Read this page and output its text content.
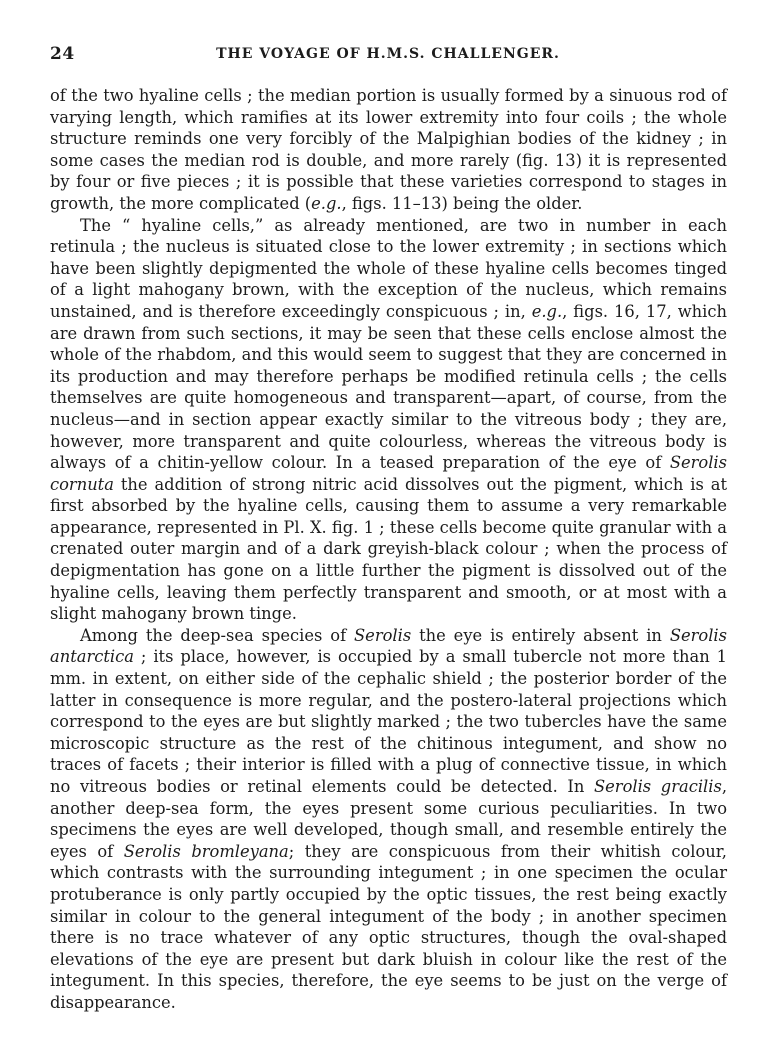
24	THE VOYAGE OF H.M.S. CHALLENGER.

of the two hyaline cells ; the median portion is usually formed by a sinuous rod of varying length, which ramifies at its lower extremity into four coils ; the whole structure reminds one very forcibly of the Malpighian bodies of the kidney ; in some cases the median rod is double, and more rarely (fig. 13) it is represented by four or five pieces ; it is possible that these varieties correspond to stages in growth, the more complicated (e.g., figs. 11–13) being the older.

The “ hyaline cells,” as already mentioned, are two in number in each retinula ; the nucleus is situated close to the lower extremity ; in sections which have been slightly depigmented the whole of these hyaline cells becomes tinged of a light mahogany brown, with the exception of the nucleus, which remains unstained, and is therefore exceedingly conspicuous ; in, e.g., figs. 16, 17, which are drawn from such sections, it may be seen that these cells enclose almost the whole of the rhabdom, and this would seem to suggest that they are concerned in its production and may therefore perhaps be modified retinula cells ; the cells themselves are quite homogeneous and transparent—apart, of course, from the nucleus—and in section appear exactly similar to the vitreous body ; they are, however, more transparent and quite colourless, whereas the vitreous body is always of a chitin-yellow colour. In a teased preparation of the eye of Serolis cornuta the addition of strong nitric acid dissolves out the pigment, which is at first absorbed by the hyaline cells, causing them to assume a very remarkable appearance, represented in Pl. X. fig. 1 ; these cells become quite granular with a crenated outer margin and of a dark greyish-black colour ; when the process of depigmentation has gone on a little further the pigment is dissolved out of the hyaline cells, leaving them perfectly transparent and smooth, or at most with a slight mahogany brown tinge.

Among the deep-sea species of Serolis the eye is entirely absent in Serolis antarctica ; its place, however, is occupied by a small tubercle not more than 1 mm. in extent, on either side of the cephalic shield ; the posterior border of the latter in consequence is more regular, and the postero-lateral projections which correspond to the eyes are but slightly marked ; the two tubercles have the same microscopic structure as the rest of the chitinous integument, and show no traces of facets ; their interior is filled with a plug of connective tissue, in which no vitreous bodies or retinal elements could be detected. In Serolis gracilis, another deep-sea form, the eyes present some curious peculiarities. In two specimens the eyes are well developed, though small, and resemble entirely the eyes of Serolis bromleyana; they are conspicuous from their whitish colour, which contrasts with the surrounding integument ; in one specimen the ocular protuberance is only partly occupied by the optic tissues, the rest being exactly similar in colour to the general integument of the body ; in another specimen there is no trace whatever of any optic structures, though the oval-shaped elevations of the eye are present but dark bluish in colour like the rest of the integument. In this species, therefore, the eye seems to be just on the verge of disappearance.
